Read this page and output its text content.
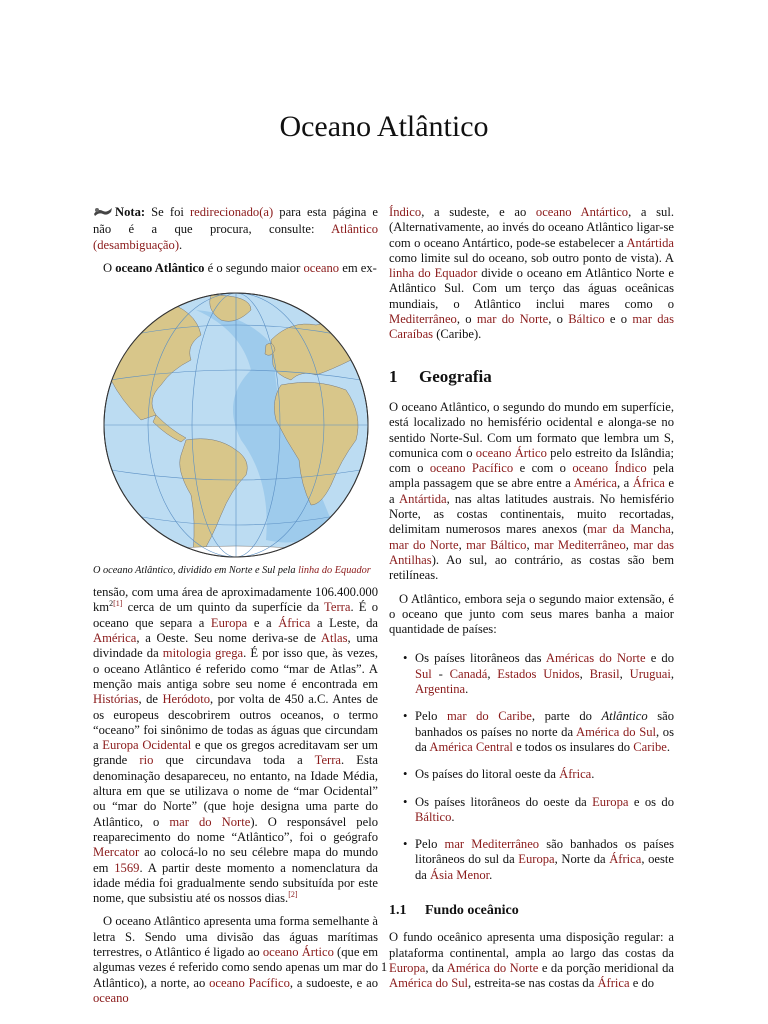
Oceano Atlântico

Nota: Se foi redirecionado(a) para esta página e não é a que procura, consulte: Atlântico (desambiguação).

O oceano Atlântico é o segundo maior oceano em ex-

O oceano Atlântico, dividido em Norte e Sul pela linha do Equador

tensão, com uma área de aproximadamente 106.400.000 $km^{2[1]}$ cerca de um quinto da superfície da Terra. É o oceano que separa a Europa e a África a Leste, da América, a Oeste. Seu nome deriva-se de Atlas, uma divindade da mitologia grega. É por isso que, às vezes, o oceano Atlântico é referido como “mar de Atlas”. A menção mais antiga sobre seu nome é encontrada em Histórias, de Heródoto, por volta de 450 a.C. Antes de os europeus descobrirem outros oceanos, o termo “oceano” foi sinônimo de todas as águas que circundam a Europa Ocidental e que os gregos acreditavam ser um grande rio que circundava toda a Terra. Esta denominação desapareceu, no entanto, na Idade Média, altura em que se utilizava o nome de “mar Ocidental” ou “mar do Norte” (que hoje designa uma parte do Atlântico, o mar do Norte). O responsável pelo reaparecimento do nome “Atlântico”, foi o geógrafo Mercator ao colocá-lo no seu célebre mapa do mundo em 1569. A partir deste momento a nomenclatura da idade média foi gradualmente sendo subsituída por este nome, que subsistiu até os nossos dias.[2]

O oceano Atlântico apresenta uma forma semelhante à letra S. Sendo uma divisão das águas marítimas terrestres, o Atlântico é ligado ao oceano Ártico (que em algumas vezes é referido como sendo apenas um mar do Atlântico), a norte, ao oceano Pacífico, a sudoeste, e ao oceano

Índico, a sudeste, e ao oceano Antártico, a sul. (Alternativamente, ao invés do oceano Atlântico ligar-se com o oceano Antártico, pode-se estabelecer a Antártida como limite sul do oceano, sob outro ponto de vista). A linha do Equador divide o oceano em Atlântico Norte e Atlântico Sul. Com um terço das águas oceânicas mundiais, o Atlântico inclui mares como o Mediterrâneo, o mar do Norte, o Báltico e o mar das Caraíbas (Caribe).

1 Geografia

O oceano Atlântico, o segundo do mundo em superfície, está localizado no hemisfério ocidental e alonga-se no sentido Norte-Sul. Com um formato que lembra um S, comunica com o oceano Ártico pelo estreito da Islândia; com o oceano Pacífico e com o oceano Índico pela ampla passagem que se abre entre a América, a África e a Antártida, nas altas latitudes austrais. No hemisfério Norte, as costas continentais, muito recortadas, delimitam numerosos mares anexos (mar da Mancha, mar do Norte, mar Báltico, mar Mediterrâneo, mar das Antilhas). Ao sul, ao contrário, as costas são bem retilíneas.

O Atlântico, embora seja o segundo maior extensão, é o oceano que junto com seus mares banha a maior quantidade de países:

• Os países litorâneos das Américas do Norte e do Sul - Canadá, Estados Unidos, Brasil, Uruguai, Argentina.
• Pelo mar do Caribe, parte do Atlântico são banhados os países no norte da América do Sul, os da América Central e todos os insulares do Caribe.
• Os países do litoral oeste da África.
• Os países litorâneos do oeste da Europa e os do Báltico.
• Pelo mar Mediterrâneo são banhados os países litorâneos do sul da Europa, Norte da África, oeste da Ásia Menor.
1.1 Fundo oceânico

O fundo oceânico apresenta uma disposição regular: a plataforma continental, ampla ao largo das costas da Europa, da América do Norte e da porção meridional da América do Sul, estreita-se nas costas da África e do

1
